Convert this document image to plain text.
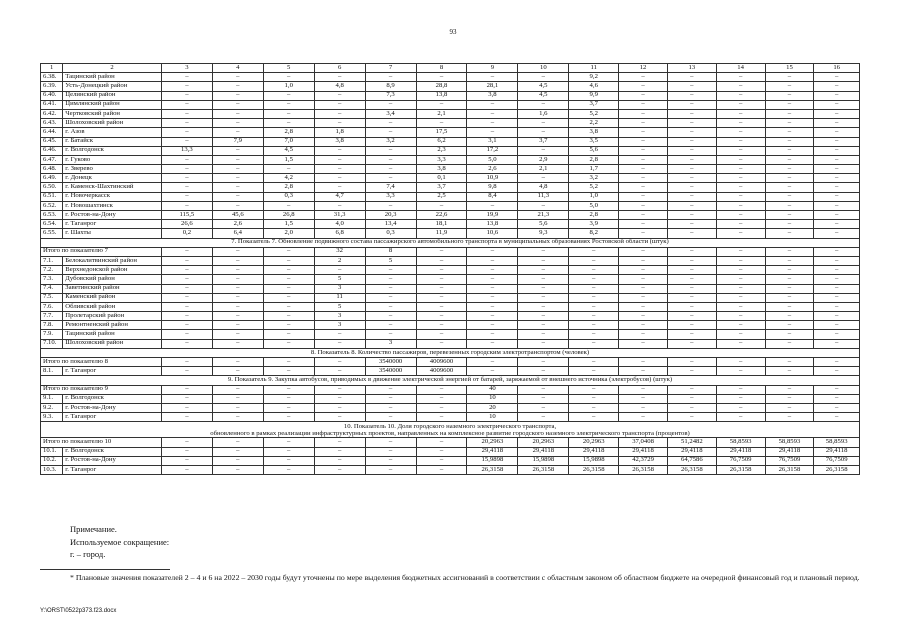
93
1	2	3	4	5	6	7	8	9	10	11	12	13	14	15	16
6.38.	Тацинский район	–	–	–	–	–	–	–	–	9,2	–	–	–	–	–
6.39.	Усть-Донецкий район	–	–	1,0	4,8	8,9	28,8	28,1	4,5	4,6	–	–	–	–	–
6.40.	Целинский район	–	–	–	–	7,3	13,8	3,8	4,5	9,9	–	–	–	–	–
6.41.	Цимлянский район	–	–	–	–	–	–	–	–	3,7	–	–	–	–	–
6.42.	Чертковский район	–	–	–	–	3,4	2,1	–	1,6	5,2	–	–	–	–	–
6.43.	Шолоховский район	–	–	–	–	–	–	–	–	2,2	–	–	–	–	–
6.44.	г. Азов	–	–	2,8	1,8	–	17,5	–	–	3,8	–	–	–	–	–
6.45.	г. Батайск	–	7,9	7,0	3,8	3,2	6,2	3,1	3,7	3,5	–	–	–	–	–
6.46.	г. Волгодонск	13,3	–	4,5	–	–	2,3	17,2	–	5,6	–	–	–	–	–
6.47.	г. Гуково	–	–	1,5	–	–	3,3	5,0	2,9	2,8	–	–	–	–	–
6.48.	г. Зверево	–	–	–	–	–	3,8	2,6	2,1	1,7	–	–	–	–	–
6.49.	г. Донецк	–	–	4,2	–	–	0,1	10,9	–	3,2	–	–	–	–	–
6.50.	г. Каменск-Шахтинский	–	–	2,8	–	7,4	3,7	9,8	4,8	5,2	–	–	–	–	–
6.51.	г. Новочеркасск	–	–	0,3	4,7	3,3	2,5	8,4	11,3	1,0	–	–	–	–	–
6.52.	г. Новошахтинск	–	–	–	–	–	–	–	–	5,0	–	–	–	–	–
6.53.	г. Ростов-на-Дону	115,5	45,6	26,8	31,3	20,3	22,6	19,9	21,3	2,8	–	–	–	–	–
6.54.	г. Таганрог	26,6	2,6	1,5	4,0	13,4	18,1	13,8	5,6	3,9	–	–	–	–	–
6.55.	г. Шахты	0,2	6,4	2,0	6,8	0,3	11,9	10,6	9,3	8,2	–	–	–	–	–
7. Показатель 7. Обновление подвижного состава пассажирского автомобильного транспорта в муниципальных образованиях Ростовской области (штук)															
Итого по показателю 7		–	–	–	32	8	–	–	–	–	–	–	–	–	–
7.1.	Белокалитвинский район	–	–	–	2	5	–	–	–	–	–	–	–	–	–
7.2.	Верхнедонской район	–	–	–	–	–	–	–	–	–	–	–	–	–	–
7.3.	Дубовский район	–	–	–	5	–	–	–	–	–	–	–	–	–	–
7.4.	Заветинский район	–	–	–	3	–	–	–	–	–	–	–	–	–	–
7.5.	Каменский район	–	–	–	11	–	–	–	–	–	–	–	–	–	–
7.6.	Обливский район	–	–	–	5	–	–	–	–	–	–	–	–	–	–
7.7.	Пролетарский район	–	–	–	3	–	–	–	–	–	–	–	–	–	–
7.8.	Ремонтненский район	–	–	–	3	–	–	–	–	–	–	–	–	–	–
7.9.	Тацинский район	–	–	–	–	–	–	–	–	–	–	–	–	–	–
7.10.	Шолоховский район	–	–	–	–	3	–	–	–	–	–	–	–	–	–
8. Показатель 8. Количество пассажиров, перевезенных городским электротранспортом (человек)															
Итого по показателю 8		–	–	–	–	3540000	4009600	–	–	–	–	–	–	–	–
8.1.	г. Таганрог	–	–	–	–	3540000	4009600	–	–	–	–	–	–	–	–
9. Показатель 9. Закупка автобусов, приводимых в движение электрической энергией от батарей, заряжаемой от внешнего источника (электробусов) (штук)															
Итого по показателю 9		–	–	–	–	–	–	40	–	–	–	–	–	–	–
9.1.	г. Волгодонск	–	–	–	–	–	–	10	–	–	–	–	–	–	–
9.2.	г. Ростов-на-Дону	–	–	–	–	–	–	20	–	–	–	–	–	–	–
9.3.	г. Таганрог	–	–	–	–	–	–	10	–	–	–	–	–	–	–

10. Показатель 10. Доля городского наземного электрического транспорта,
обновленного в рамках реализации инфраструктурных проектов, направленных на комплексное развитие городского наземного электрического транспорта (процентов)															

Итого по показателю 10		–	–	–	–	–	–	20,2963	20,2963	20,2963	37,0408	51,2482	58,8593	58,8593	58,8593
10.1.	г. Волгодонск	–	–	–	–	–	–	29,4118	29,4118	29,4118	29,4118	29,4118	29,4118	29,4118	29,4118
10.2.	г. Ростов-на-Дону	–	–	–	–	–	–	15,9898	15,9898	15,9898	42,3729	64,7586	76,7509	76,7509	76,7509
10.3.	г. Таганрог	–	–	–	–	–	–	26,3158	26,3158	26,3158	26,3158	26,3158	26,3158	26,3158	26,3158
Примечание.
Используемое сокращение:
г. – город.
* Плановые значения показателей 2 – 4 и 6 на 2022 – 2030 годы будут уточнены по мере выделения бюджетных ассигнований в соответствии с областным законом об областном бюджете на очередной финансовый год и плановый период.
Y:\ORST\0522p373.f23.docx
